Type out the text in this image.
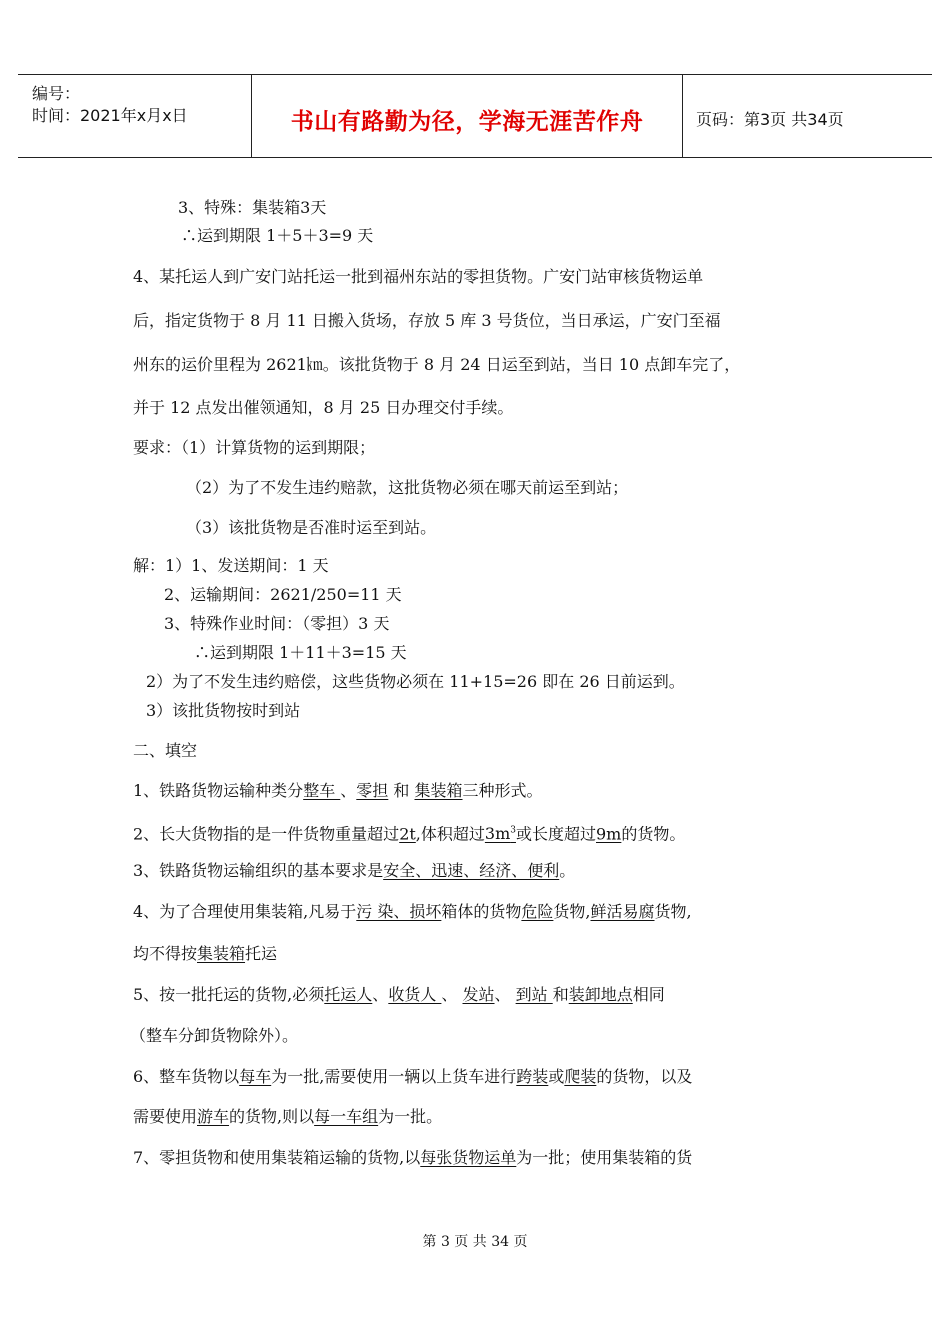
编号：
时间：2021年x月x日	书山有路勤为径，学海无涯苦作舟	页码：第3页 共34页
3、特殊：集装箱3天
∴运到期限 1＋5＋3=9 天
4、某托运人到广安门站托运一批到福州东站的零担货物。广安门站审核货物运单
后，指定货物于 8 月 11 日搬入货场，存放 5 库 3 号货位，当日承运，广安门至福
州东的运价里程为 2621㎞。该批货物于 8 月 24 日运至到站，当日 10 点卸车完了，
并于 12 点发出催领通知，8 月 25 日办理交付手续。
要求：（1）计算货物的运到期限；
（2）为了不发生违约赔款，这批货物必须在哪天前运至到站；
（3）该批货物是否准时运至到站。
解：1）1、发送期间：1 天
2、运输期间：2621/250=11 天
3、特殊作业时间：（零担）3 天
∴运到期限 1＋11＋3=15 天
2）为了不发生违约赔偿，这些货物必须在 11+15=26 即在 26 日前运到。
3）该批货物按时到站
二、填空
1、铁路货物运输种类分整车 、零担 和 集装箱三种形式。
2、长大货物指的是一件货物重量超过2t,体积超过$3m^3$或长度超过9m的货物。
3、铁路货物运输组织的基本要求是安全、迅速、经济、便利。
4、为了合理使用集装箱,凡易于污 染、损坏箱体的货物危险货物,鲜活易腐货物,
均不得按集装箱托运
5、按一批托运的货物,必须托运人、收货人 、 发站、 到站 和装卸地点相同
（整车分卸货物除外）。
6、整车货物以每车为一批,需要使用一辆以上货车进行跨装或爬装的货物，以及
需要使用游车的货物,则以每一车组为一批。
7、零担货物和使用集装箱运输的货物,以每张货物运单为一批；使用集装箱的货
第 3 页 共 34 页
